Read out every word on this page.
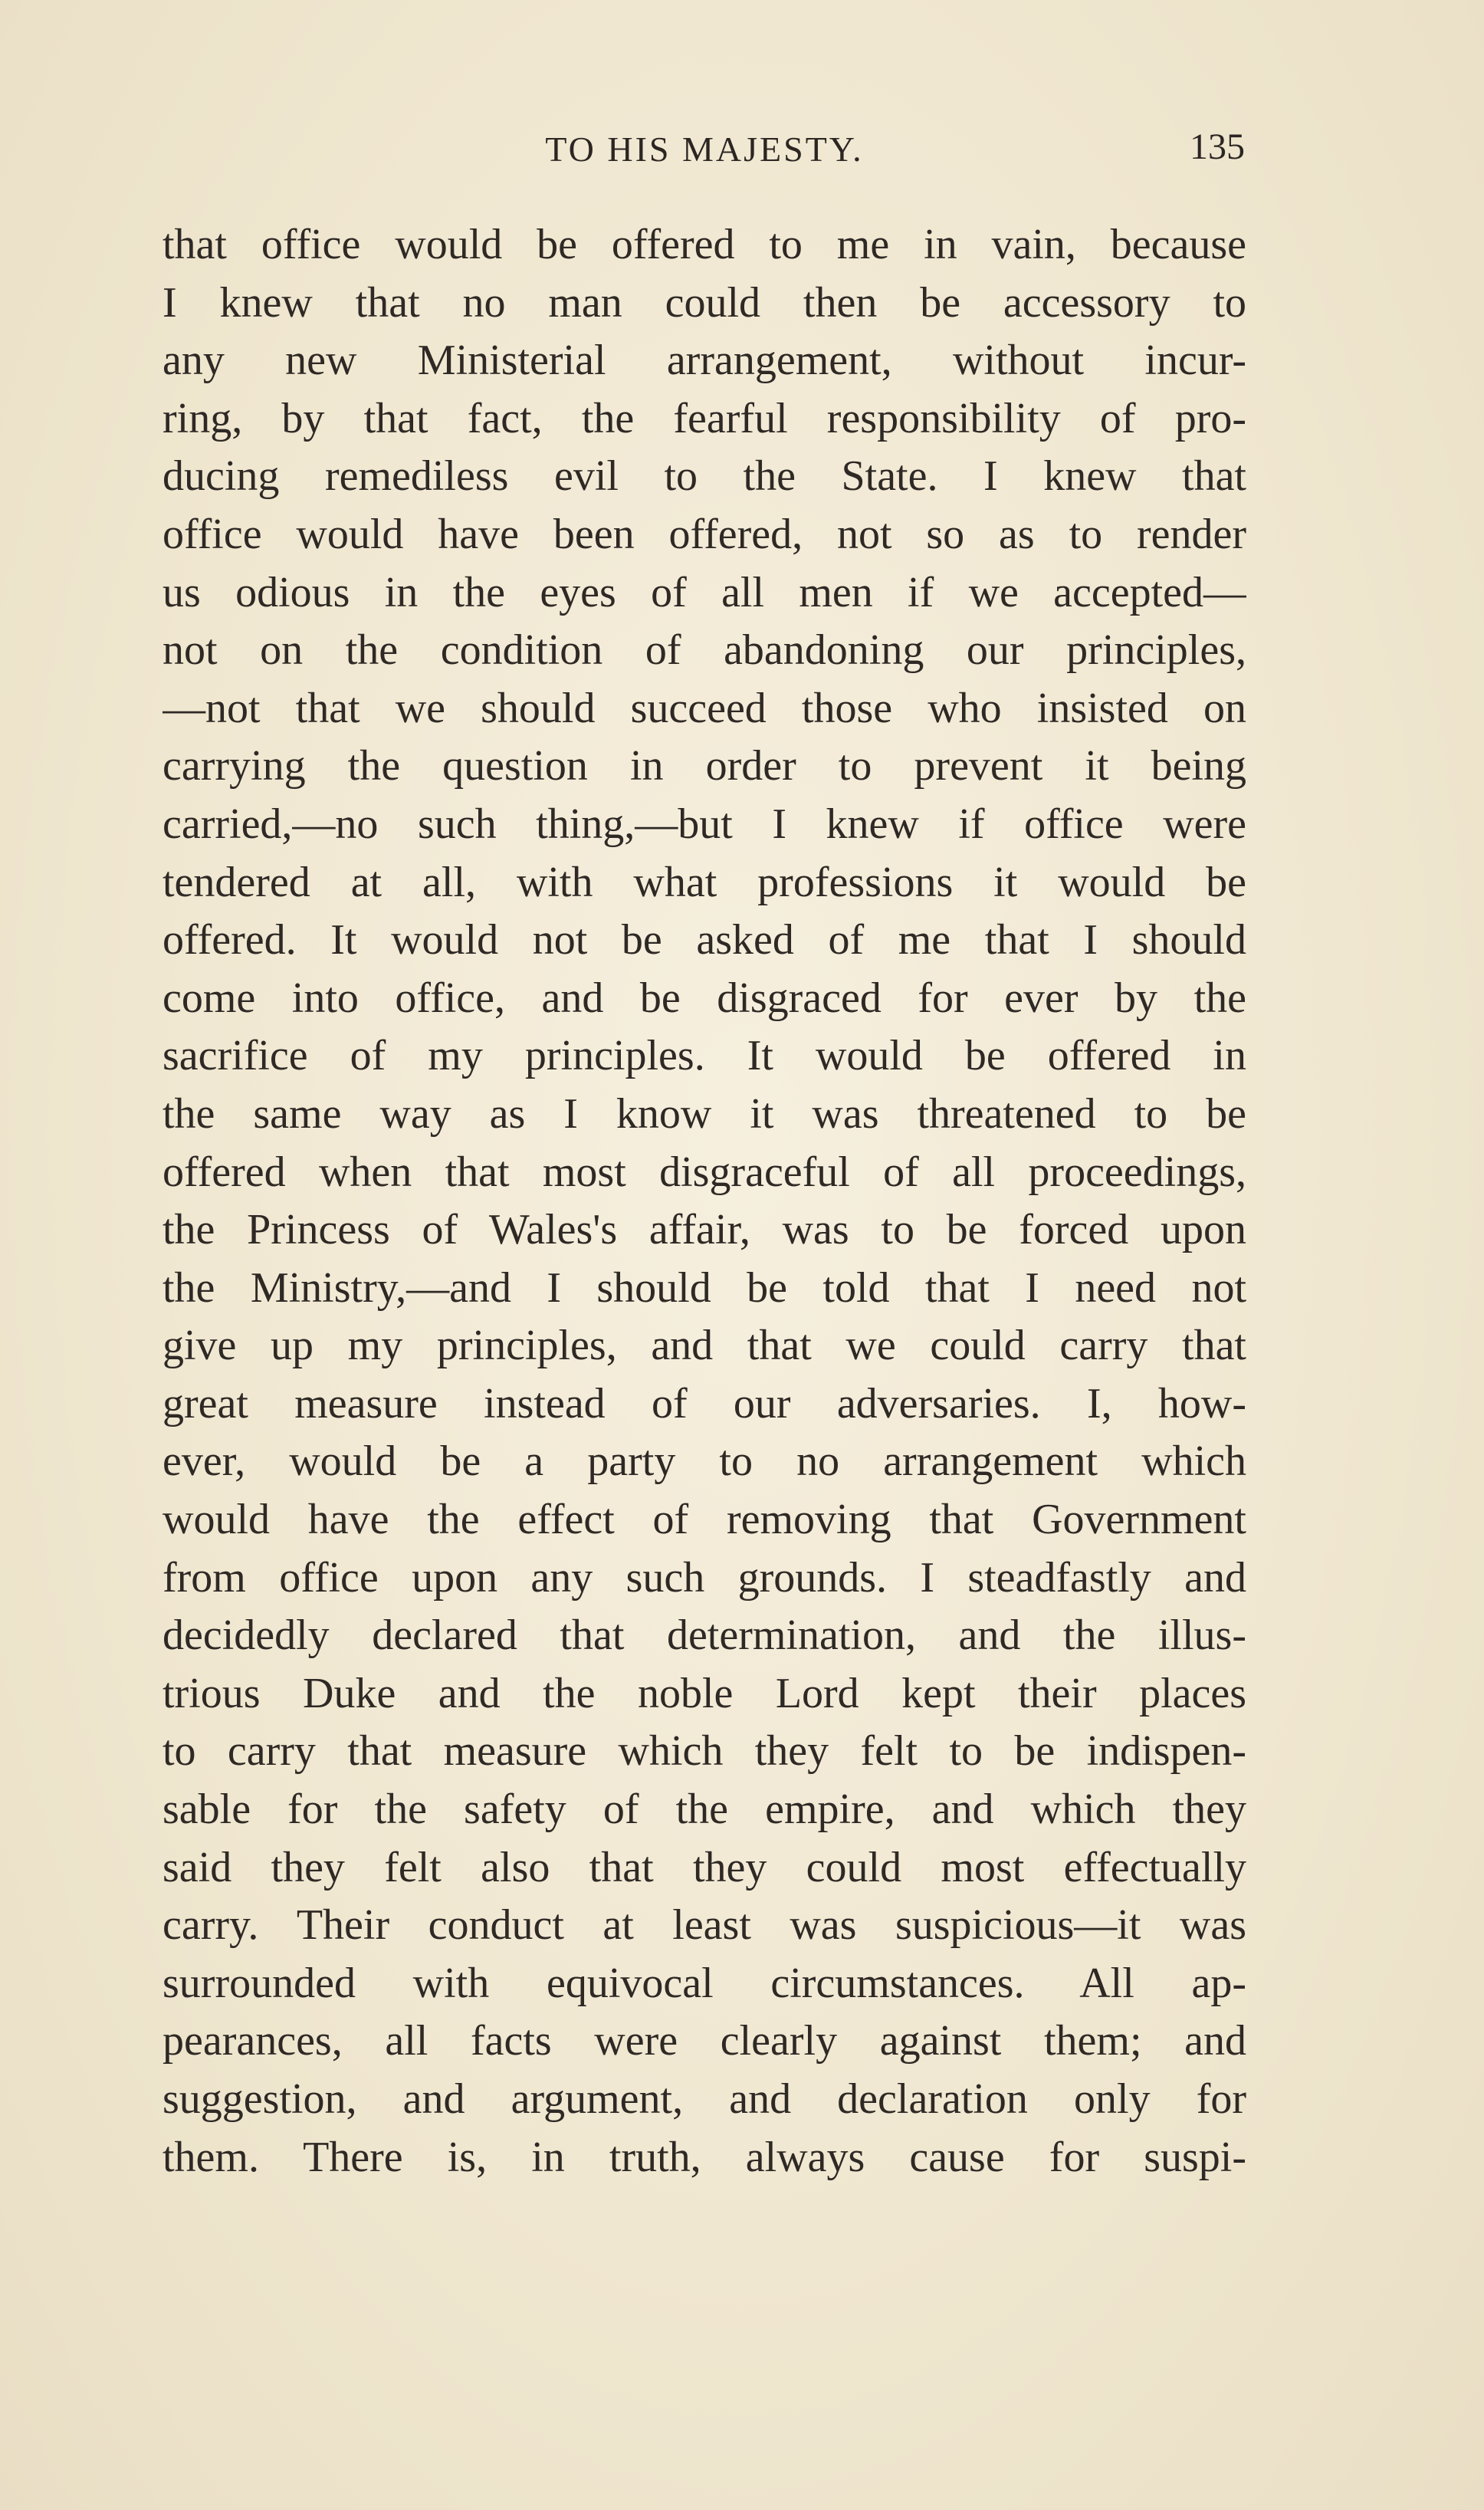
TO HIS MAJESTY.	135
that office would be offered to me in vain, because
I knew that no man could then be accessory to
any new Ministerial arrangement, without incur-
ring, by that fact, the fearful responsibility of pro-
ducing remediless evil to the State. I knew that
office would have been offered, not so as to render
us odious in the eyes of all men if we accepted—
not on the condition of abandoning our principles,
—not that we should succeed those who insisted on
carrying the question in order to prevent it being
carried,—no such thing,—but I knew if office were
tendered at all, with what professions it would be
offered. It would not be asked of me that I should
come into office, and be disgraced for ever by the
sacrifice of my principles. It would be offered in
the same way as I know it was threatened to be
offered when that most disgraceful of all proceedings,
the Princess of Wales's affair, was to be forced upon
the Ministry,—and I should be told that I need not
give up my principles, and that we could carry that
great measure instead of our adversaries. I, how-
ever, would be a party to no arrangement which
would have the effect of removing that Government
from office upon any such grounds. I steadfastly and
decidedly declared that determination, and the illus-
trious Duke and the noble Lord kept their places
to carry that measure which they felt to be indispen-
sable for the safety of the empire, and which they
said they felt also that they could most effectually
carry. Their conduct at least was suspicious—it was
surrounded with equivocal circumstances. All ap-
pearances, all facts were clearly against them; and
suggestion, and argument, and declaration only for
them. There is, in truth, always cause for suspi-
